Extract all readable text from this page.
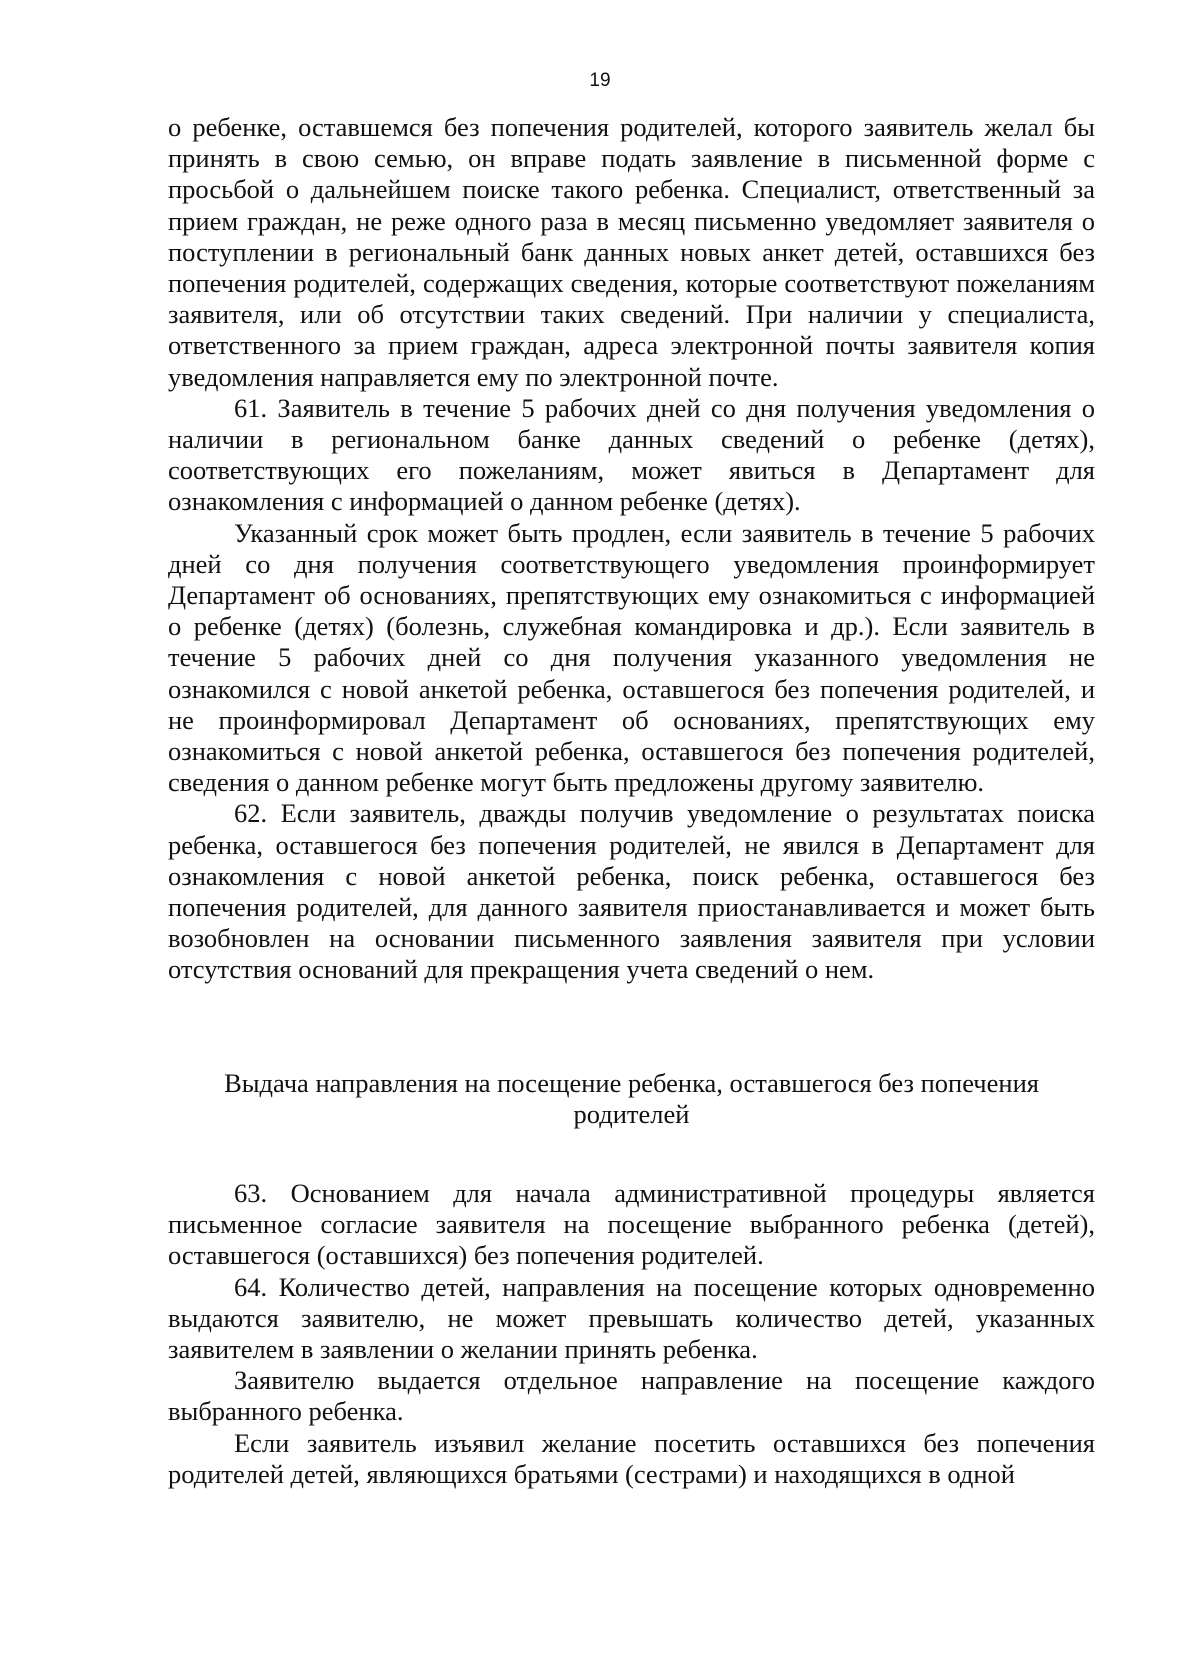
19

о ребенке, оставшемся без попечения родителей, которого заявитель желал бы принять в свою семью, он вправе подать заявление в письменной форме с просьбой о дальнейшем поиске такого ребенка. Специалист, ответственный за прием граждан, не реже одного раза в месяц письменно уведомляет заявителя о поступлении в региональный банк данных новых анкет детей, оставшихся без попечения родителей, содержащих сведения, которые соответствуют пожеланиям заявителя, или об отсутствии таких сведений. При наличии у специалиста, ответственного за прием граждан, адреса электронной почты заявителя копия уведомления направляется ему по электронной почте.

61. Заявитель в течение 5 рабочих дней со дня получения уведомления о наличии в региональном банке данных сведений о ребенке (детях), соответствующих его пожеланиям, может явиться в Департамент для ознакомления с информацией о данном ребенке (детях).

Указанный срок может быть продлен, если заявитель в течение 5 рабочих дней со дня получения соответствующего уведомления проинформирует Департамент об основаниях, препятствующих ему ознакомиться с информацией о ребенке (детях) (болезнь, служебная командировка и др.). Если заявитель в течение 5 рабочих дней со дня получения указанного уведомления не ознакомился с новой анкетой ребенка, оставшегося без попечения родителей, и не проинформировал Департамент об основаниях, препятствующих ему ознакомиться с новой анкетой ребенка, оставшегося без попечения родителей, сведения о данном ребенке могут быть предложены другому заявителю.

62. Если заявитель, дважды получив уведомление о результатах поиска ребенка, оставшегося без попечения родителей, не явился в Департамент для ознакомления с новой анкетой ребенка, поиск ребенка, оставшегося без попечения родителей, для данного заявителя приостанавливается и может быть возобновлен на основании письменного заявления заявителя при условии отсутствия оснований для прекращения учета сведений о нем.

Выдача направления на посещение ребенка, оставшегося без попечения
родителей

63. Основанием для начала административной процедуры является письменное согласие заявителя на посещение выбранного ребенка (детей), оставшегося (оставшихся) без попечения родителей.

64. Количество детей, направления на посещение которых одновременно выдаются заявителю, не может превышать количество детей, указанных заявителем в заявлении о желании принять ребенка.

Заявителю выдается отдельное направление на посещение каждого выбранного ребенка.

Если заявитель изъявил желание посетить оставшихся без попечения родителей детей, являющихся братьями (сестрами) и находящихся в одной
